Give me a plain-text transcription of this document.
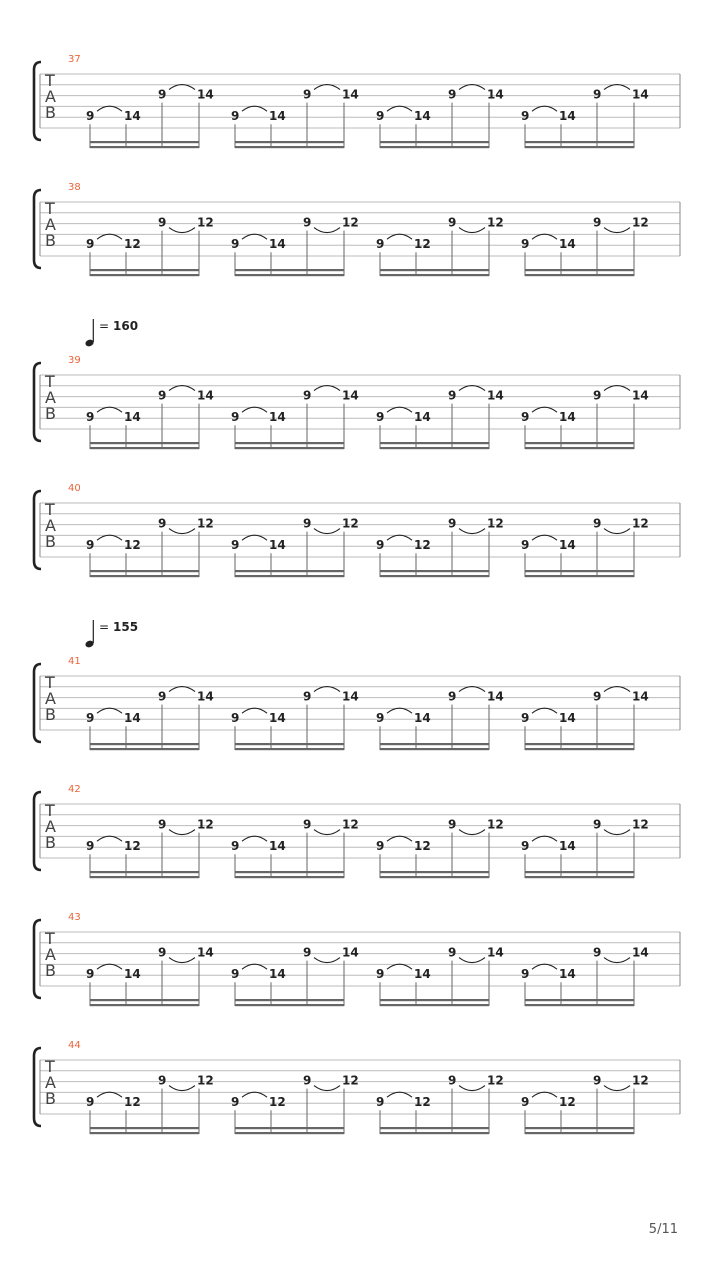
37
T
A
B	9 14
9	14
9 14
9	14
9 14
9	14
9 14
9	14
38
T
A
B	9 12
9	12
9 14
9	12
9 12
9	12
9 14
9	12
39
T
A
B	9 14
9	14
9 14
9	14
9 14
9	14
9 14
9	14
40
T
A
B	9 12
9	12
9 14
9	12
9 12
9	12
9 14
9	12
41
T
A
B	9 14
9	14
9 14
9	14
9 14
9	14
9 14
9	14
42
T
A
B	9 12
9	12
9 14
9	12
9 12
9	12
9 14
9	12
43
T
A
B	9 14
9	14
9 14
9	14
9 14
9	14
9 14
9	14
44
T
A
B	9 12
9	12
9 12
9	12
9 12
9	12
9 12
9	12
= 160
= 155
5/11
